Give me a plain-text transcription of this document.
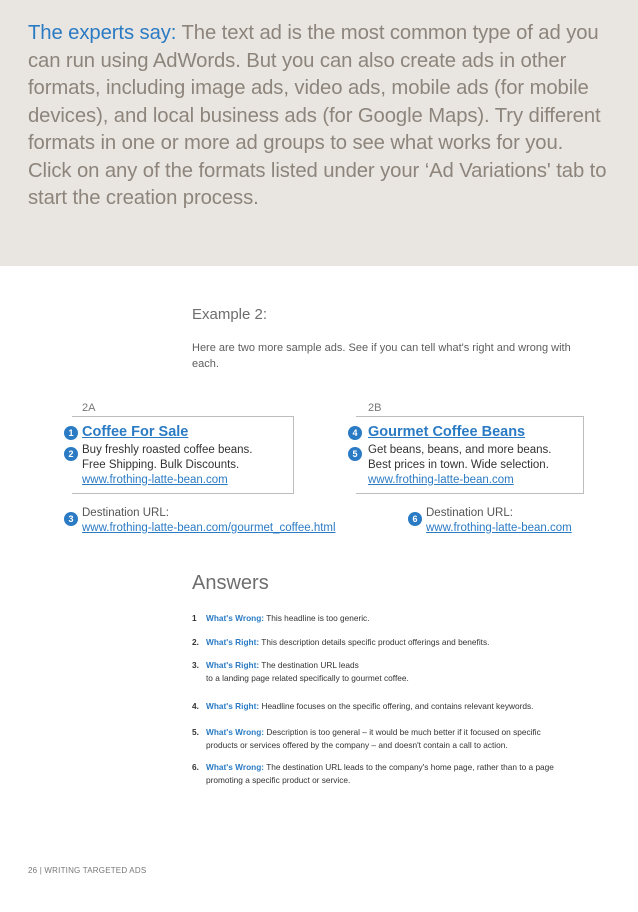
The experts say: The text ad is the most common type of ad you can run using AdWords. But you can also create ads in other formats, including image ads, video ads, mobile ads (for mobile devices), and local business ads (for Google Maps). Try different formats in one or more ad groups to see what works for you. Click on any of the formats listed under your ‘Ad Variations' tab to start the creation process.

Example 2:
Here are two more sample ads. See if you can tell what's right and wrong with each.
2A
1 Coffee For Sale
2 Buy freshly roasted coffee beans.
Free Shipping. Bulk Discounts.
www.frothing-latte-bean.com
3 Destination URL:
www.frothing-latte-bean.com/gourmet_coffee.html
2B
4 Gourmet Coffee Beans
5 Get beans, beans, and more beans.
Best prices in town. Wide selection.
www.frothing-latte-bean.com
6 Destination URL:
www.frothing-latte-bean.com
Answers
1 What's Wrong: This headline is too generic.
2. What's Right: This description details specific product offerings and benefits.
3. What's Right: The destination URL leads
to a landing page related specifically to gourmet coffee.
4. What's Right: Headline focuses on the specific offering, and contains relevant keywords.
5. What's Wrong: Description is too general – it would be much better if it focused on specific
products or services offered by the company – and doesn't contain a call to action.
6. What's Wrong: The destination URL leads to the company's home page, rather than to a page
promoting a specific product or service.
26 | WRITING TARGETED ADS
